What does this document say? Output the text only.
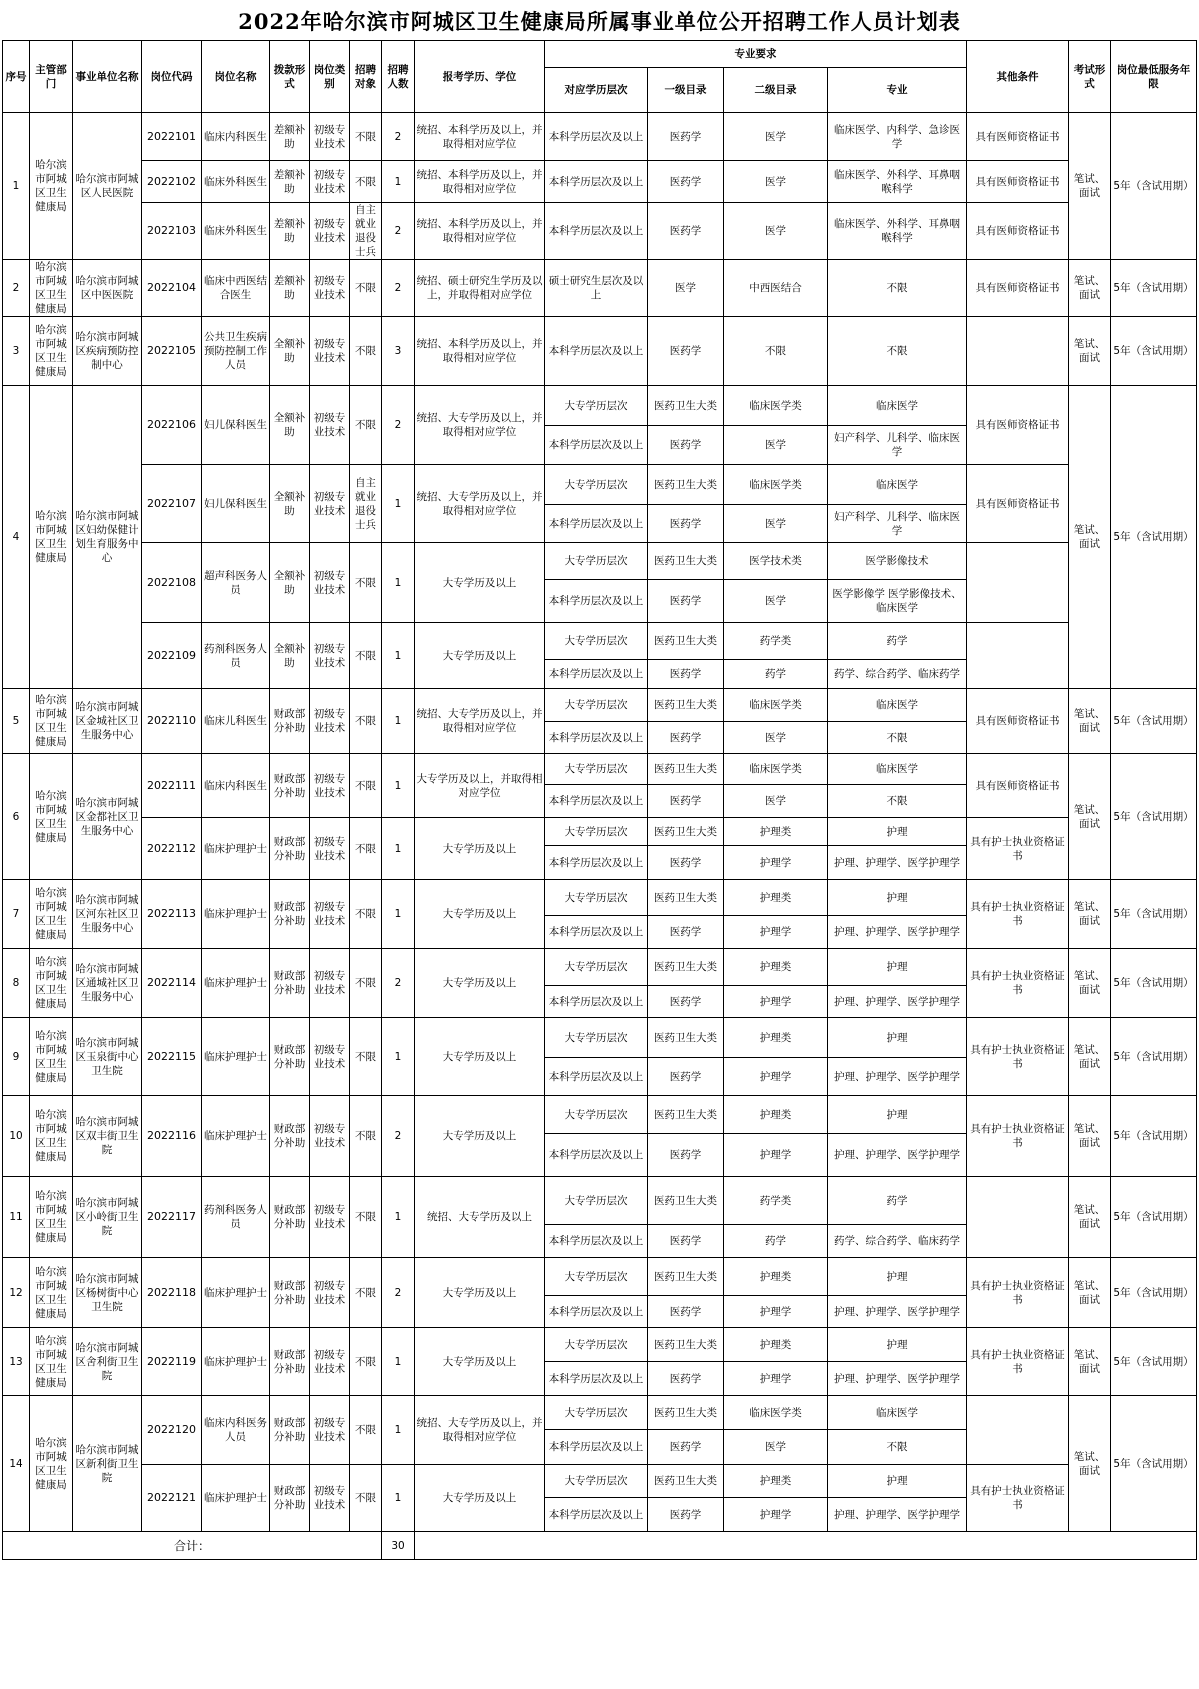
2022年哈尔滨市阿城区卫生健康局所属事业单位公开招聘工作人员计划表
序号	主管部门	事业单位名称	岗位代码	岗位名称	拨款形式	岗位类别	招聘对象	招聘人数	报考学历、学位	专业要求				其他条件	考试形式	岗位最低服务年限
										对应学历层次	一级目录	二级目录	专业			
1	哈尔滨市阿城区卫生健康局	哈尔滨市阿城区人民医院	2022101	临床内科医生	差额补助	初级专业技术	不限	2	统招、本科学历及以上，并取得相对应学位	本科学历层次及以上	医药学	医学	临床医学、内科学、急诊医学	具有医师资格证书	笔试、面试	5年（含试用期）
			2022102	临床外科医生	差额补助	初级专业技术	不限	1	统招、本科学历及以上，并取得相对应学位	本科学历层次及以上	医药学	医学	临床医学、外科学、耳鼻咽喉科学	具有医师资格证书		
			2022103	临床外科医生	差额补助	初级专业技术	自主就业退役士兵	2	统招、本科学历及以上，并取得相对应学位	本科学历层次及以上	医药学	医学	临床医学、外科学、耳鼻咽喉科学	具有医师资格证书		
2	哈尔滨市阿城区卫生健康局	哈尔滨市阿城区中医医院	2022104	临床中西医结合医生	差额补助	初级专业技术	不限	2	统招、硕士研究生学历及以上，并取得相对应学位	硕士研究生层次及以上	医学	中西医结合	不限	具有医师资格证书	笔试、面试	5年（含试用期）
3	哈尔滨市阿城区卫生健康局	哈尔滨市阿城区疾病预防控制中心	2022105	公共卫生疾病预防控制工作人员	全额补助	初级专业技术	不限	3	统招、本科学历及以上，并取得相对应学位	本科学历层次及以上	医药学	不限	不限		笔试、面试	5年（含试用期）
4	哈尔滨市阿城区卫生健康局	哈尔滨市阿城区妇幼保健计划生育服务中心	2022106	妇儿保科医生	全额补助	初级专业技术	不限	2	统招、大专学历及以上，并取得相对应学位	大专学历层次	医药卫生大类	临床医学类	临床医学	具有医师资格证书	笔试、面试	5年（含试用期）
										本科学历层次及以上	医药学	医学	妇产科学、儿科学、临床医学			
			2022107	妇儿保科医生	全额补助	初级专业技术	自主就业退役士兵	1	统招、大专学历及以上，并取得相对应学位	大专学历层次	医药卫生大类	临床医学类	临床医学	具有医师资格证书		
										本科学历层次及以上	医药学	医学	妇产科学、儿科学、临床医学			
			2022108	超声科医务人员	全额补助	初级专业技术	不限	1	大专学历及以上	大专学历层次	医药卫生大类	医学技术类	医学影像技术			
										本科学历层次及以上	医药学	医学	医学影像学 医学影像技术、临床医学			
			2022109	药剂科医务人员	全额补助	初级专业技术	不限	1	大专学历及以上	大专学历层次	医药卫生大类	药学类	药学			
										本科学历层次及以上	医药学	药学	药学、综合药学、临床药学			
5	哈尔滨市阿城区卫生健康局	哈尔滨市阿城区金城社区卫生服务中心	2022110	临床儿科医生	财政部分补助	初级专业技术	不限	1	统招、大专学历及以上，并取得相对应学位	大专学历层次	医药卫生大类	临床医学类	临床医学	具有医师资格证书	笔试、面试	5年（含试用期）
										本科学历层次及以上	医药学	医学	不限			
6	哈尔滨市阿城区卫生健康局	哈尔滨市阿城区金都社区卫生服务中心	2022111	临床内科医生	财政部分补助	初级专业技术	不限	1	大专学历及以上，并取得相对应学位	大专学历层次	医药卫生大类	临床医学类	临床医学	具有医师资格证书	笔试、面试	5年（含试用期）
										本科学历层次及以上	医药学	医学	不限			
			2022112	临床护理护士	财政部分补助	初级专业技术	不限	1	大专学历及以上	大专学历层次	医药卫生大类	护理类	护理	具有护士执业资格证书		
										本科学历层次及以上	医药学	护理学	护理、护理学、医学护理学			
7	哈尔滨市阿城区卫生健康局	哈尔滨市阿城区河东社区卫生服务中心	2022113	临床护理护士	财政部分补助	初级专业技术	不限	1	大专学历及以上	大专学历层次	医药卫生大类	护理类	护理	具有护士执业资格证书	笔试、面试	5年（含试用期）
										本科学历层次及以上	医药学	护理学	护理、护理学、医学护理学			
8	哈尔滨市阿城区卫生健康局	哈尔滨市阿城区通城社区卫生服务中心	2022114	临床护理护士	财政部分补助	初级专业技术	不限	2	大专学历及以上	大专学历层次	医药卫生大类	护理类	护理	具有护士执业资格证书	笔试、面试	5年（含试用期）
										本科学历层次及以上	医药学	护理学	护理、护理学、医学护理学			
9	哈尔滨市阿城区卫生健康局	哈尔滨市阿城区玉泉街中心卫生院	2022115	临床护理护士	财政部分补助	初级专业技术	不限	1	大专学历及以上	大专学历层次	医药卫生大类	护理类	护理	具有护士执业资格证书	笔试、面试	5年（含试用期）
										本科学历层次及以上	医药学	护理学	护理、护理学、医学护理学			
10	哈尔滨市阿城区卫生健康局	哈尔滨市阿城区双丰街卫生院	2022116	临床护理护士	财政部分补助	初级专业技术	不限	2	大专学历及以上	大专学历层次	医药卫生大类	护理类	护理	具有护士执业资格证书	笔试、面试	5年（含试用期）
										本科学历层次及以上	医药学	护理学	护理、护理学、医学护理学			
11	哈尔滨市阿城区卫生健康局	哈尔滨市阿城区小岭街卫生院	2022117	药剂科医务人员	财政部分补助	初级专业技术	不限	1	统招、大专学历及以上	大专学历层次	医药卫生大类	药学类	药学		笔试、面试	5年（含试用期）
										本科学历层次及以上	医药学	药学	药学、综合药学、临床药学			
12	哈尔滨市阿城区卫生健康局	哈尔滨市阿城区杨树街中心卫生院	2022118	临床护理护士	财政部分补助	初级专业技术	不限	2	大专学历及以上	大专学历层次	医药卫生大类	护理类	护理	具有护士执业资格证书	笔试、面试	5年（含试用期）
										本科学历层次及以上	医药学	护理学	护理、护理学、医学护理学			
13	哈尔滨市阿城区卫生健康局	哈尔滨市阿城区舍利街卫生院	2022119	临床护理护士	财政部分补助	初级专业技术	不限	1	大专学历及以上	大专学历层次	医药卫生大类	护理类	护理	具有护士执业资格证书	笔试、面试	5年（含试用期）
										本科学历层次及以上	医药学	护理学	护理、护理学、医学护理学			
14	哈尔滨市阿城区卫生健康局	哈尔滨市阿城区新利街卫生院	2022120	临床内科医务人员	财政部分补助	初级专业技术	不限	1	统招、大专学历及以上，并取得相对应学位	大专学历层次	医药卫生大类	临床医学类	临床医学		笔试、面试	5年（含试用期）
										本科学历层次及以上	医药学	医学	不限			
			2022121	临床护理护士	财政部分补助	初级专业技术	不限	1	大专学历及以上	大专学历层次	医药卫生大类	护理类	护理	具有护士执业资格证书		
										本科学历层次及以上	医药学	护理学	护理、护理学、医学护理学			
合计：								30								
